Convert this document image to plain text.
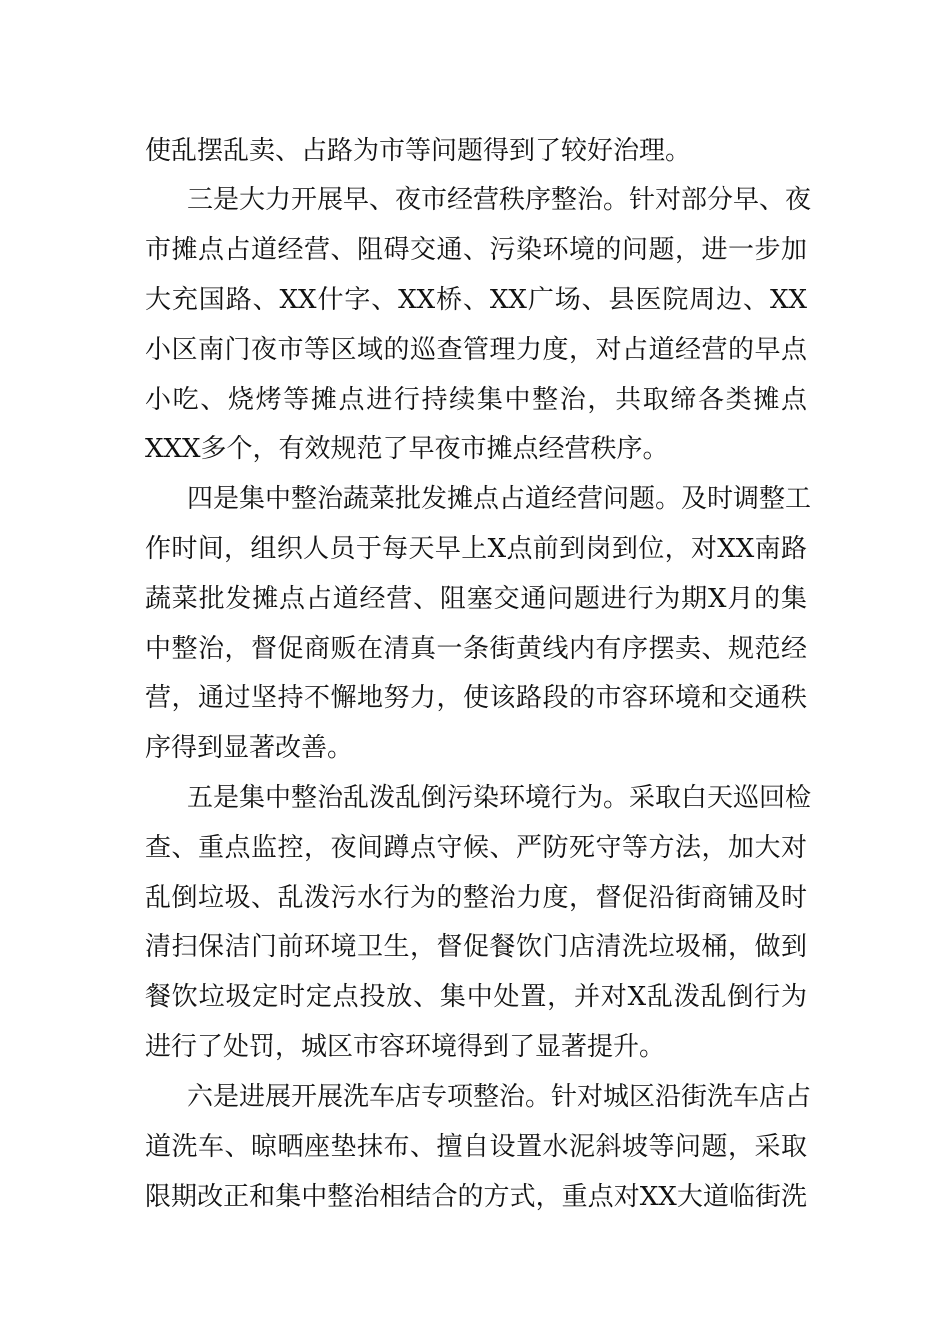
使乱摆乱卖、占路为市等问题得到了较好治理。
三是大力开展早、夜市经营秩序整治。针对部分早、夜
市摊点占道经营、阻碍交通、污染环境的问题，进一步加
大充国路、XX什字、XX桥、XX广场、县医院周边、XX
小区南门夜市等区域的巡查管理力度，对占道经营的早点
小吃、烧烤等摊点进行持续集中整治，共取缔各类摊点
XXX多个，有效规范了早夜市摊点经营秩序。
四是集中整治蔬菜批发摊点占道经营问题。及时调整工
作时间，组织人员于每天早上X点前到岗到位，对XX南路
蔬菜批发摊点占道经营、阻塞交通问题进行为期X月的集
中整治，督促商贩在清真一条街黄线内有序摆卖、规范经
营，通过坚持不懈地努力，使该路段的市容环境和交通秩
序得到显著改善。
五是集中整治乱泼乱倒污染环境行为。采取白天巡回检
查、重点监控，夜间蹲点守候、严防死守等方法，加大对
乱倒垃圾、乱泼污水行为的整治力度，督促沿街商铺及时
清扫保洁门前环境卫生，督促餐饮门店清洗垃圾桶，做到
餐饮垃圾定时定点投放、集中处置，并对X乱泼乱倒行为
进行了处罚，城区市容环境得到了显著提升。
六是进展开展洗车店专项整治。针对城区沿街洗车店占
道洗车、晾晒座垫抹布、擅自设置水泥斜坡等问题，采取
限期改正和集中整治相结合的方式，重点对XX大道临街洗
